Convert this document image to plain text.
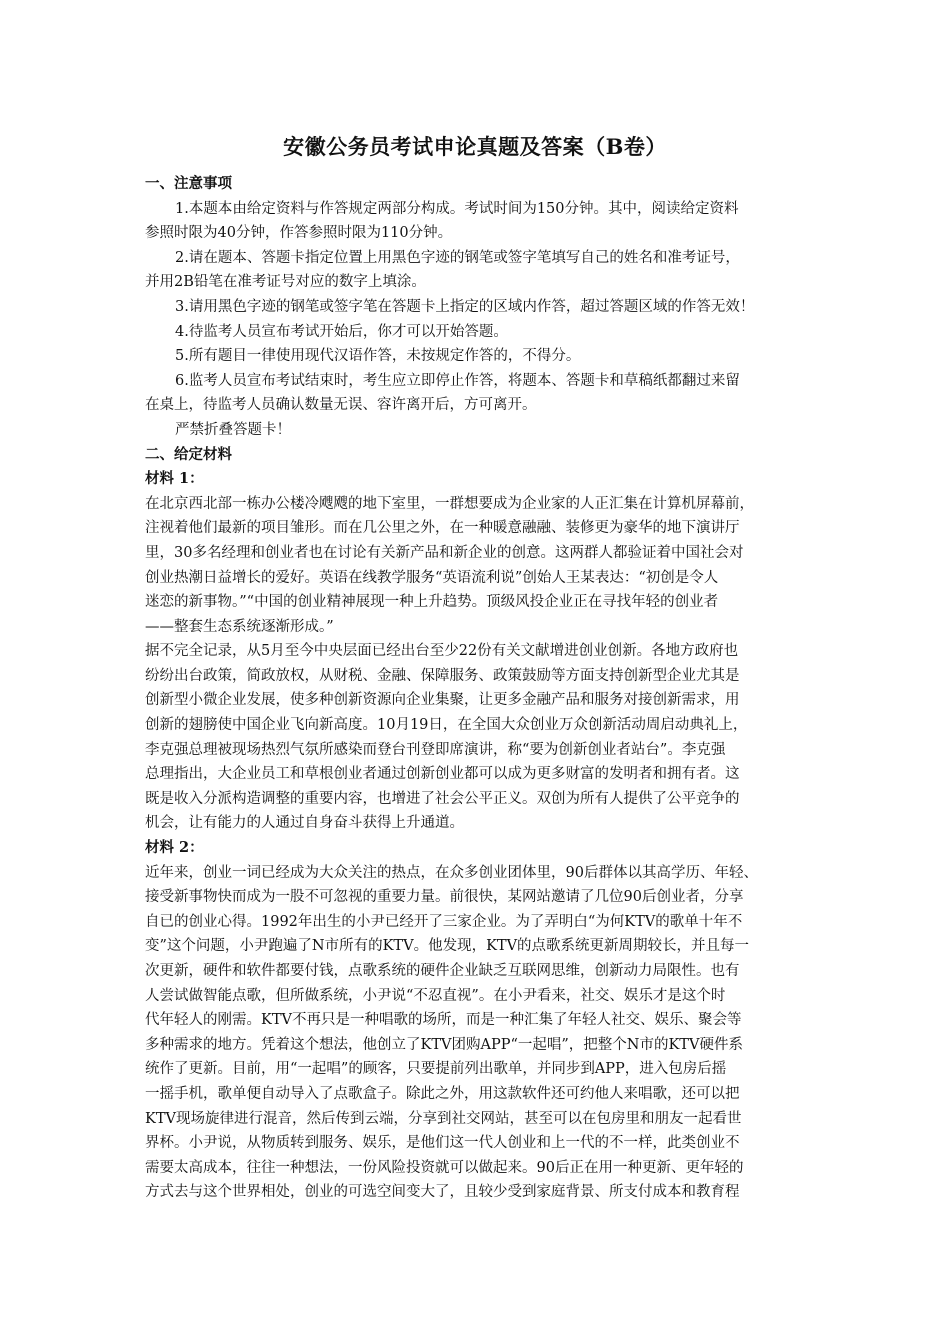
安徽公务员考试申论真题及答案（B卷）
一、注意事项
1.本题本由给定资料与作答规定两部分构成。考试时间为150分钟。其中，阅读给定资料
参照时限为40分钟，作答参照时限为110分钟。
2.请在题本、答题卡指定位置上用黑色字迹的钢笔或签字笔填写自己的姓名和准考证号，
并用2B铅笔在准考证号对应的数字上填涂。
3.请用黑色字迹的钢笔或签字笔在答题卡上指定的区域内作答，超过答题区域的作答无效！
4.待监考人员宣布考试开始后，你才可以开始答题。
5.所有题目一律使用现代汉语作答，未按规定作答的，不得分。
6.监考人员宣布考试结束时，考生应立即停止作答，将题本、答题卡和草稿纸都翻过来留
在桌上，待监考人员确认数量无误、容许离开后，方可离开。
严禁折叠答题卡！
二、给定材料
材料 1：
在北京西北部一栋办公楼冷飕飕的地下室里，一群想要成为企业家的人正汇集在计算机屏幕前，
注视着他们最新的项目雏形。而在几公里之外，在一种暖意融融、装修更为豪华的地下演讲厅
里，30多名经理和创业者也在讨论有关新产品和新企业的创意。这两群人都验证着中国社会对
创业热潮日益增长的爱好。英语在线教学服务“英语流利说”创始人王某表达：“初创是令人
迷恋的新事物。”“中国的创业精神展现一种上升趋势。顶级风投企业正在寻找年轻的创业者
——整套生态系统逐渐形成。”
据不完全记录，从5月至今中央层面已经出台至少22份有关文献增进创业创新。各地方政府也
纷纷出台政策，简政放权，从财税、金融、保障服务、政策鼓励等方面支持创新型企业尤其是
创新型小微企业发展，使多种创新资源向企业集聚，让更多金融产品和服务对接创新需求，用
创新的翅膀使中国企业飞向新高度。10月19日，在全国大众创业万众创新活动周启动典礼上，
李克强总理被现场热烈气氛所感染而登台刊登即席演讲，称“要为创新创业者站台”。李克强
总理指出，大企业员工和草根创业者通过创新创业都可以成为更多财富的发明者和拥有者。这
既是收入分派构造调整的重要内容，也增进了社会公平正义。双创为所有人提供了公平竞争的
机会，让有能力的人通过自身奋斗获得上升通道。
材料 2：
近年来，创业一词已经成为大众关注的热点，在众多创业团体里，90后群体以其高学历、年轻、
接受新事物快而成为一股不可忽视的重要力量。前很快，某网站邀请了几位90后创业者，分享
自已的创业心得。1992年出生的小尹已经开了三家企业。为了弄明白“为何KTV的歌单十年不
变”这个问题，小尹跑遍了N市所有的KTV。他发现，KTV的点歌系统更新周期较长，并且每一
次更新，硬件和软件都要付钱，点歌系统的硬件企业缺乏互联网思维，创新动力局限性。也有
人尝试做智能点歌，但所做系统，小尹说“不忍直视”。在小尹看来，社交、娱乐才是这个时
代年轻人的刚需。KTV不再只是一种唱歌的场所，而是一种汇集了年轻人社交、娱乐、聚会等
多种需求的地方。凭着这个想法，他创立了KTV团购APP“一起唱”，把整个N市的KTV硬件系
统作了更新。目前，用“一起唱”的顾客，只要提前列出歌单，并同步到APP，进入包房后摇
一摇手机，歌单便自动导入了点歌盒子。除此之外，用这款软件还可约他人来唱歌，还可以把
KTV现场旋律进行混音，然后传到云端，分享到社交网站，甚至可以在包房里和朋友一起看世
界杯。小尹说，从物质转到服务、娱乐，是他们这一代人创业和上一代的不一样，此类创业不
需要太高成本，往往一种想法，一份风险投资就可以做起来。90后正在用一种更新、更年轻的
方式去与这个世界相处，创业的可选空间变大了，且较少受到家庭背景、所支付成本和教育程
